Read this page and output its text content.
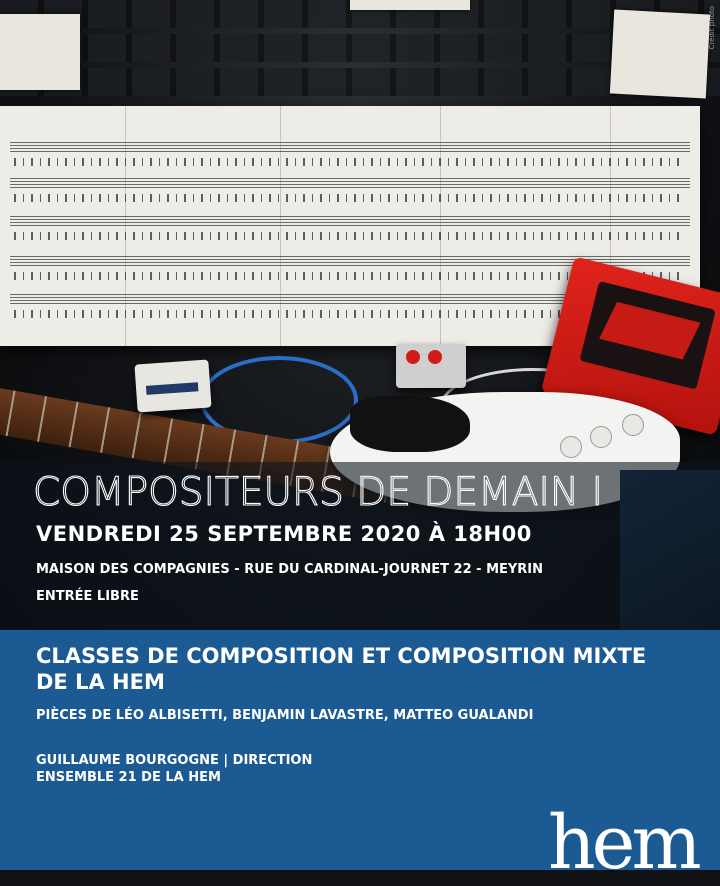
Crédit photo
COMPOSITEURS DE DEMAIN I

VENDREDI 25 SEPTEMBRE 2020 À 18H00

MAISON DES COMPAGNIES - RUE DU CARDINAL-JOURNET 22 - MEYRIN

ENTRÉE LIBRE

CLASSES DE COMPOSITION ET COMPOSITION MIXTE DE LA HEM

PIÈCES DE LÉO ALBISETTI, BENJAMIN LAVASTRE, MATTEO GUALANDI

GUILLAUME BOURGOGNE | DIRECTION
ENSEMBLE 21 DE LA HEM

hem
